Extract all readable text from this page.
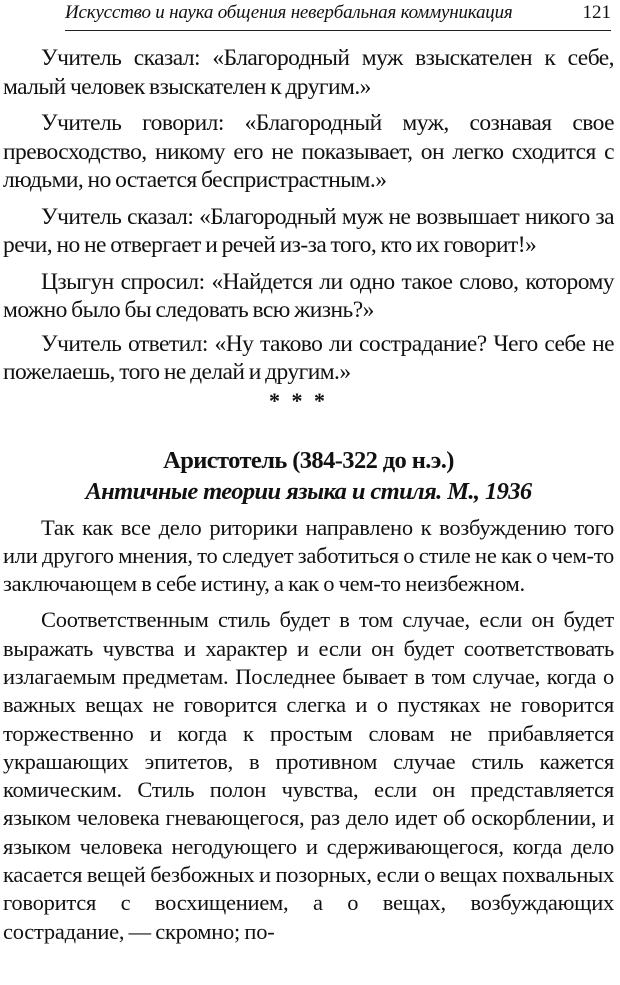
Искусство и наука общения невербальная коммуникация	121

Учитель сказал: «Благородный муж взыскателен к себе, малый человек взыскателен к другим.»

Учитель говорил: «Благородный муж, сознавая свое превосходство, никому его не показывает, он легко сходится с людьми, но остается беспристрастным.»

Учитель сказал: «Благородный муж не возвышает никого за речи, но не отвергает и речей из-за того, кто их говорит!»

Цзыгун спросил: «Найдется ли одно такое слово, которому можно было бы следовать всю жизнь?»

Учитель ответил: «Ну таково ли сострадание? Чего себе не пожелаешь, того не делай и другим.»

* * *
Аристотель (384-322 до н.э.)
Античные теории языка и стиля. М., 1936

Так как все дело риторики направлено к возбуждению того или другого мнения, то следует заботиться о стиле не как о чем-то заключающем в себе истину, а как о чем-то неизбежном.

Соответственным стиль будет в том случае, если он будет выражать чувства и характер и если он будет соответствовать излагаемым предметам. Последнее бывает в том случае, когда о важных вещах не говорится слегка и о пустяках не говорится торжественно и когда к простым словам не прибавляется украшающих эпитетов, в противном случае стиль кажется комическим. Стиль полон чувства, если он представляется языком человека гневающегося, раз дело идет об оскорблении, и языком человека негодующего и сдерживающегося, когда дело касается вещей безбожных и позорных, если о вещах похвальных говорится с восхищением, а о вещах, возбуждающих сострадание, — скромно; по-
